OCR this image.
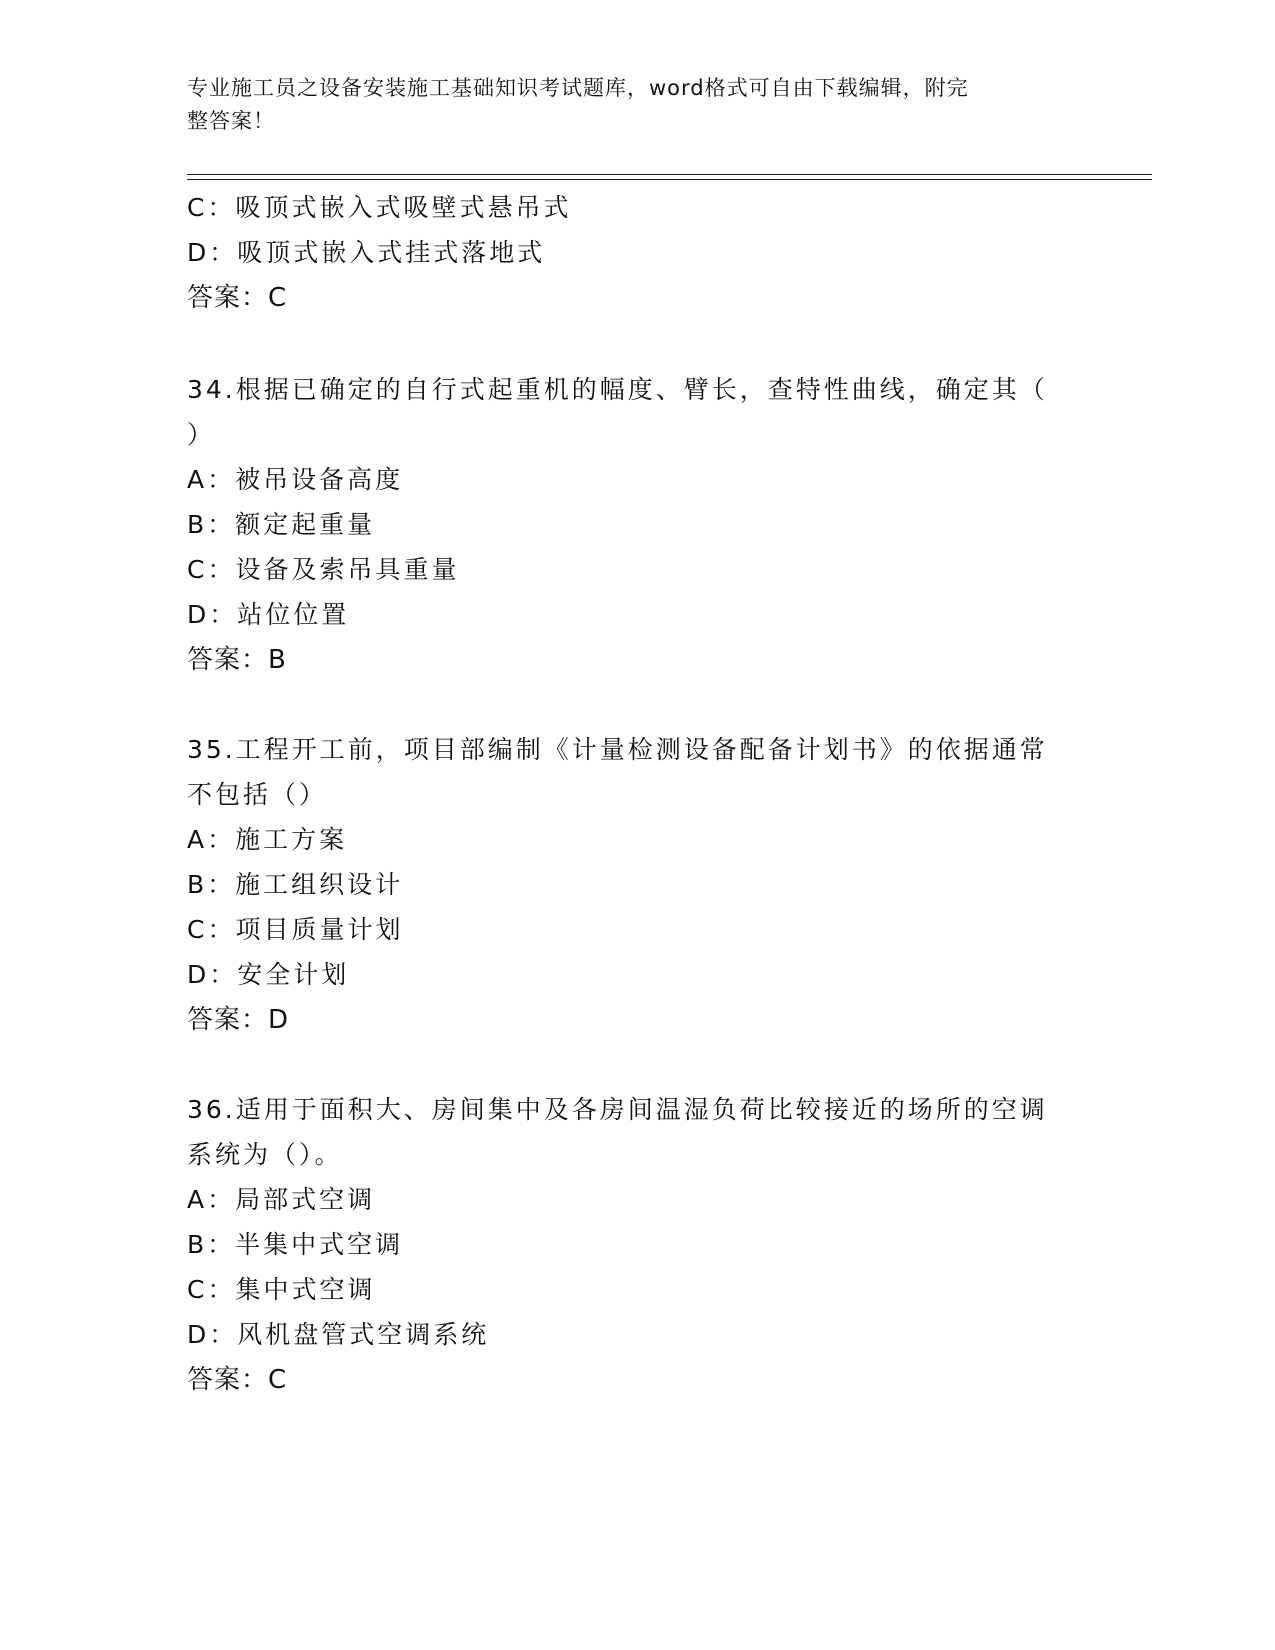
专业施工员之设备安装施工基础知识考试题库，word格式可自由下载编辑，附完
整答案！
C：吸顶式嵌入式吸壁式悬吊式
D：吸顶式嵌入式挂式落地式
答案：C
34.根据已确定的自行式起重机的幅度、臂长，查特性曲线，确定其（
）
A：被吊设备高度
B：额定起重量
C：设备及索吊具重量
D：站位位置
答案：B
35.工程开工前，项目部编制《计量检测设备配备计划书》的依据通常
不包括（）
A：施工方案
B：施工组织设计
C：项目质量计划
D：安全计划
答案：D
36.适用于面积大、房间集中及各房间温湿负荷比较接近的场所的空调
系统为（）。
A：局部式空调
B：半集中式空调
C：集中式空调
D：风机盘管式空调系统
答案：C
